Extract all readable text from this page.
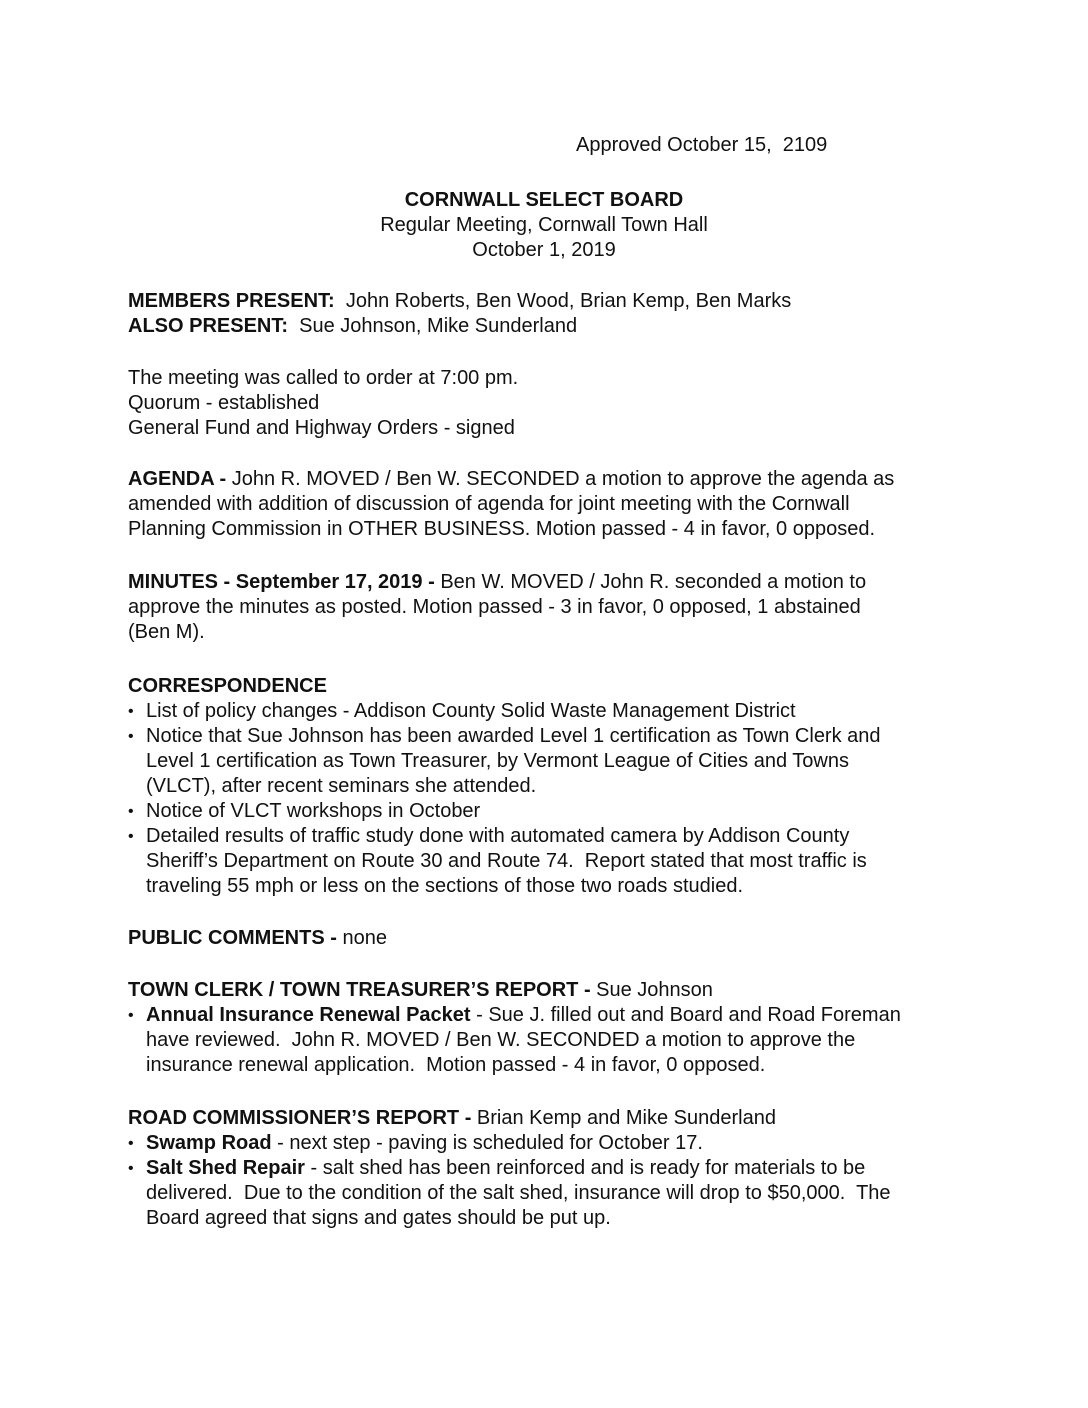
Approved October 15,  2109
CORNWALL SELECT BOARD
Regular Meeting, Cornwall Town Hall
October 1, 2019

MEMBERS PRESENT: John Roberts, Ben Wood, Brian Kemp, Ben Marks

ALSO PRESENT: Sue Johnson, Mike Sunderland

The meeting was called to order at 7:00 pm.

Quorum - established

General Fund and Highway Orders - signed

AGENDA - John R. MOVED / Ben W. SECONDED a motion to approve the agenda as
amended with addition of discussion of agenda for joint meeting with the Cornwall
Planning Commission in OTHER BUSINESS. Motion passed - 4 in favor, 0 opposed.
MINUTES - September 17, 2019 - Ben W. MOVED / John R. seconded a motion to
approve the minutes as posted. Motion passed - 3 in favor, 0 opposed, 1 abstained
(Ben M).

CORRESPONDENCE

• List of policy changes - Addison County Solid Waste Management District
• Notice that Sue Johnson has been awarded Level 1 certification as Town Clerk and
Level 1 certification as Town Treasurer, by Vermont League of Cities and Towns
(VLCT), after recent seminars she attended.
• Notice of VLCT workshops in October
• Detailed results of traffic study done with automated camera by Addison County
Sheriff’s Department on Route 30 and Route 74.  Report stated that most traffic is
traveling 55 mph or less on the sections of those two roads studied.

PUBLIC COMMENTS - none

TOWN CLERK / TOWN TREASURER’S REPORT - Sue Johnson

• Annual Insurance Renewal Packet - Sue J. filled out and Board and Road Foreman
have reviewed.  John R. MOVED / Ben W. SECONDED a motion to approve the
insurance renewal application.  Motion passed - 4 in favor, 0 opposed.

ROAD COMMISSIONER’S REPORT - Brian Kemp and Mike Sunderland

• Swamp Road - next step - paving is scheduled for October 17.
• Salt Shed Repair - salt shed has been reinforced and is ready for materials to be
delivered.  Due to the condition of the salt shed, insurance will drop to $50,000.  The
Board agreed that signs and gates should be put up.
